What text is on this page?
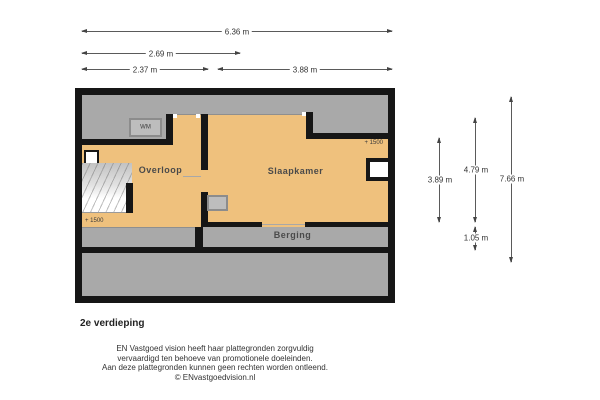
6.36 m
2.69 m
2.37 m	3.88 m
3.89 m
4.79 m
1.05 m
7.66 m
WM
+ 1500
+ 1500
Overloop	Slaapkamer
Berging
2e verdieping
EN Vastgoed vision heeft haar plattegronden zorgvuldig
vervaardigd ten behoeve van promotionele doeleinden.
Aan deze plattegronden kunnen geen rechten worden ontleend.
© ENvastgoedvision.nl
